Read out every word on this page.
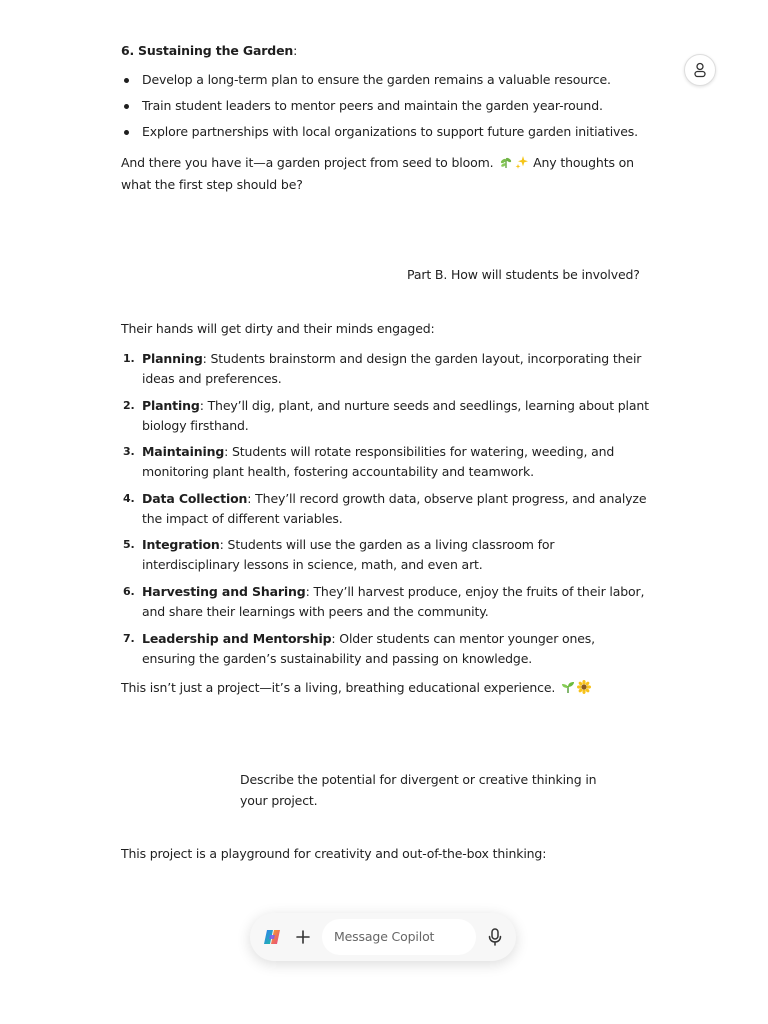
6. Sustaining the Garden:
Develop a long-term plan to ensure the garden remains a valuable resource.
Train student leaders to mentor peers and maintain the garden year-round.
Explore partnerships with local organizations to support future garden initiatives.
And there you have it—a garden project from seed to bloom.	Any thoughts on what the first step should be?
Part B. How will students be involved?
Their hands will get dirty and their minds engaged:
1. Planning: Students brainstorm and design the garden layout, incorporating their ideas and preferences.
2. Planting: They’ll dig, plant, and nurture seeds and seedlings, learning about plant biology firsthand.
3. Maintaining: Students will rotate responsibilities for watering, weeding, and monitoring plant health, fostering accountability and teamwork.
4. Data Collection: They’ll record growth data, observe plant progress, and analyze the impact of different variables.
5. Integration: Students will use the garden as a living classroom for interdisciplinary lessons in science, math, and even art.
6. Harvesting and Sharing: They’ll harvest produce, enjoy the fruits of their labor, and share their learnings with peers and the community.
7. Leadership and Mentorship: Older students can mentor younger ones, ensuring the garden’s sustainability and passing on knowledge.
This isn’t just a project—it’s a living, breathing educational experience.
Describe the potential for divergent or creative thinking in your project.
This project is a playground for creativity and out-of-the-box thinking:
Message Copilot
